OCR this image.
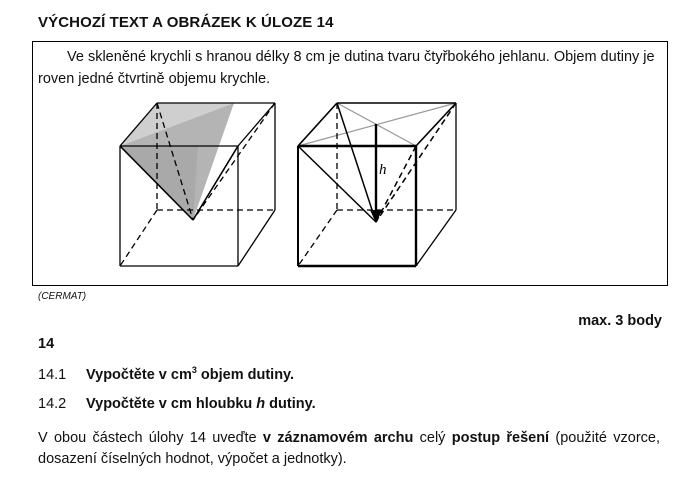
VÝCHOZÍ TEXT A OBRÁZEK K ÚLOZE 14
Ve skleněné krychli s hranou délky 8 cm je dutina tvaru čtyřbokého jehlanu. Objem dutiny je roven jedné čtvrtině objemu krychle.
h
(CERMAT)
max. 3 body
14
14.1 Vypočtěte v $cm^3$ objem dutiny.
14.2 Vypočtěte v cm hloubku h dutiny.
V obou částech úlohy 14 uveďte v záznamovém archu celý postup řešení (použité vzorce, dosazení číselných hodnot, výpočet a jednotky).
